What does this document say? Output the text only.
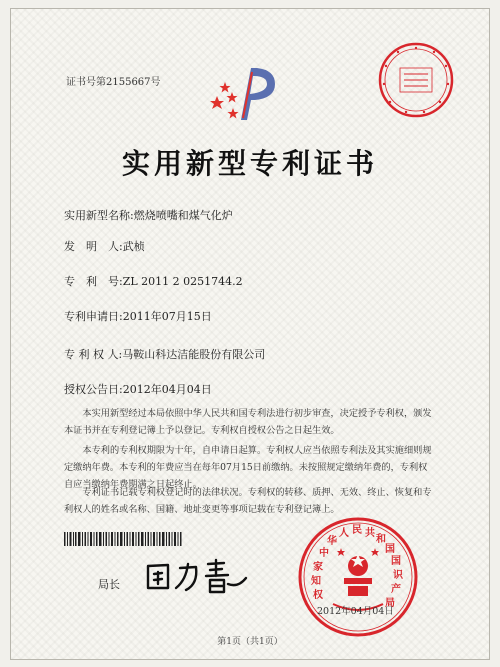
证书号第2155667号
实用新型专利证书
实用新型名称:燃烧喷嘴和煤气化炉
发　明　人:武桢
专　利　号:ZL 2011 2 0251744.2
专利申请日:2011年07月15日
专 利 权 人:马鞍山科达洁能股份有限公司
授权公告日:2012年04月04日
本实用新型经过本局依照中华人民共和国专利法进行初步审查，决定授予专利权，颁发本证书并在专利登记簿上予以登记。专利权自授权公告之日起生效。
本专利的专利权期限为十年，自申请日起算。专利权人应当依照专利法及其实施细则规定缴纳年费。本专利的年费应当在每年07月15日前缴纳。未按照规定缴纳年费的，专利权自应当缴纳年费期满之日起终止。
专利证书记载专利权登记时的法律状况。专利权的转移、质押、无效、终止、恢复和专利权人的姓名或名称、国籍、地址变更等事项记载在专利登记簿上。
局长
中
华
人 民 共
和
国
国
家
知
识
产
权
局
2012年04月04日
第1页（共1页）
